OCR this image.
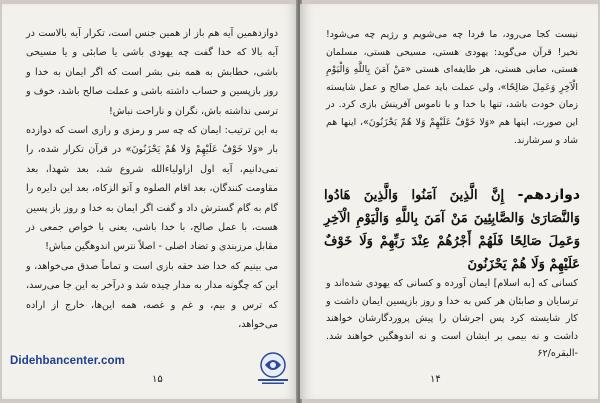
دوازدهمین آیه هم باز از همین جنس است، تکرار آیه بالاست در آیه بالا که خدا گفت چه یهودی باشی یا صابئی و یا مسیحی باشی، خطابش به همه بنی بشر است که اگر ایمان به خدا و روز بازپسین و حساب داشته باشی و عملت صالح باشد، خوف و ترسی نداشته باش، نگران و ناراحت نباش!
به این ترتیب: ایمان که چه سر و رمزی و رازی است که دوازده بار «وَلا خَوْفٌ عَلَيْهِمْ وَلا هُمْ يَحْزَنُونَ» در قرآن تکرار شده، را نمی‌دانیم، آیه اول ازاولیاءالله شروع شد، بعد شهدا، بعد مقاومت کنندگان، بعد اقام الصلوه و آتو الزکاه، بعد این دایره را گام به گام گسترش داد و گفت اگر ایمان به خدا و روز باز پسین هست، با عمل صالح، با خدا باشی، یعنی با خواص جمعی در مقابل مرزبندی و تضاد اصلی - اصلاً نترس اندوهگین مباش!
می بینیم که خدا ضد حقه بازی است و تماماً صدق می‌خواهد، و این که چگونه مدار به مدار چیده شد و درآخر به این جا می‌رسد، که ترس و بیم، و غم و غصه، همه این‌ها، خارج از اراده می‌خواهد،

۱۵

نیست کجا می‌رود، ما فردا چه می‌شویم و رژیم چه می‌شود! نخیر! قرآن می‌گوید: یهودی هستی، مسیحی هستی، مسلمان هستی، صابی هستی، هر طایفه‌ای هستی «مَنْ آمَنَ بِاللَّهِ وَالْيَوْمِ الْآخِرِ وَعَمِلَ صَالِحًا»، ولی عملت باید عمل صالح و عمل شایسته زمان خودت باشد، تنها با خدا و با ناموس آفرینش بازی کرد. در این صورت، اینها هم «وَلا خَوْفٌ عَلَيْهِمْ وَلا هُمْ يَحْزَنُونَ»، اینها هم شاد و سرشارند.

دوازدهم- إِنَّ الَّذِينَ آمَنُوا وَالَّذِينَ هَادُوا وَالنَّصَارَىٰ وَالصَّابِئِينَ مَنْ آمَنَ بِاللَّهِ وَالْيَوْمِ الْآخِرِ وَعَمِلَ صَالِحًا فَلَهُمْ أَجْرُهُمْ عِنْدَ رَبِّهِمْ وَلَا خَوْفٌ عَلَيْهِمْ وَلَا هُمْ يَحْزَنُونَ

کسانی که [به اسلام] ایمان آورده و کسانی که یهودی شده‌اند و ترسایان و صابئان هر کس به خدا و روز بازپسین ایمان داشت و کار شایسته کرد پس اجرشان را پیش پروردگارشان خواهند داشت و نه بیمی بر ایشان است و نه اندوهگین خواهند شد. -البقره/۶۲

۱۴
Didehbancenter.com
